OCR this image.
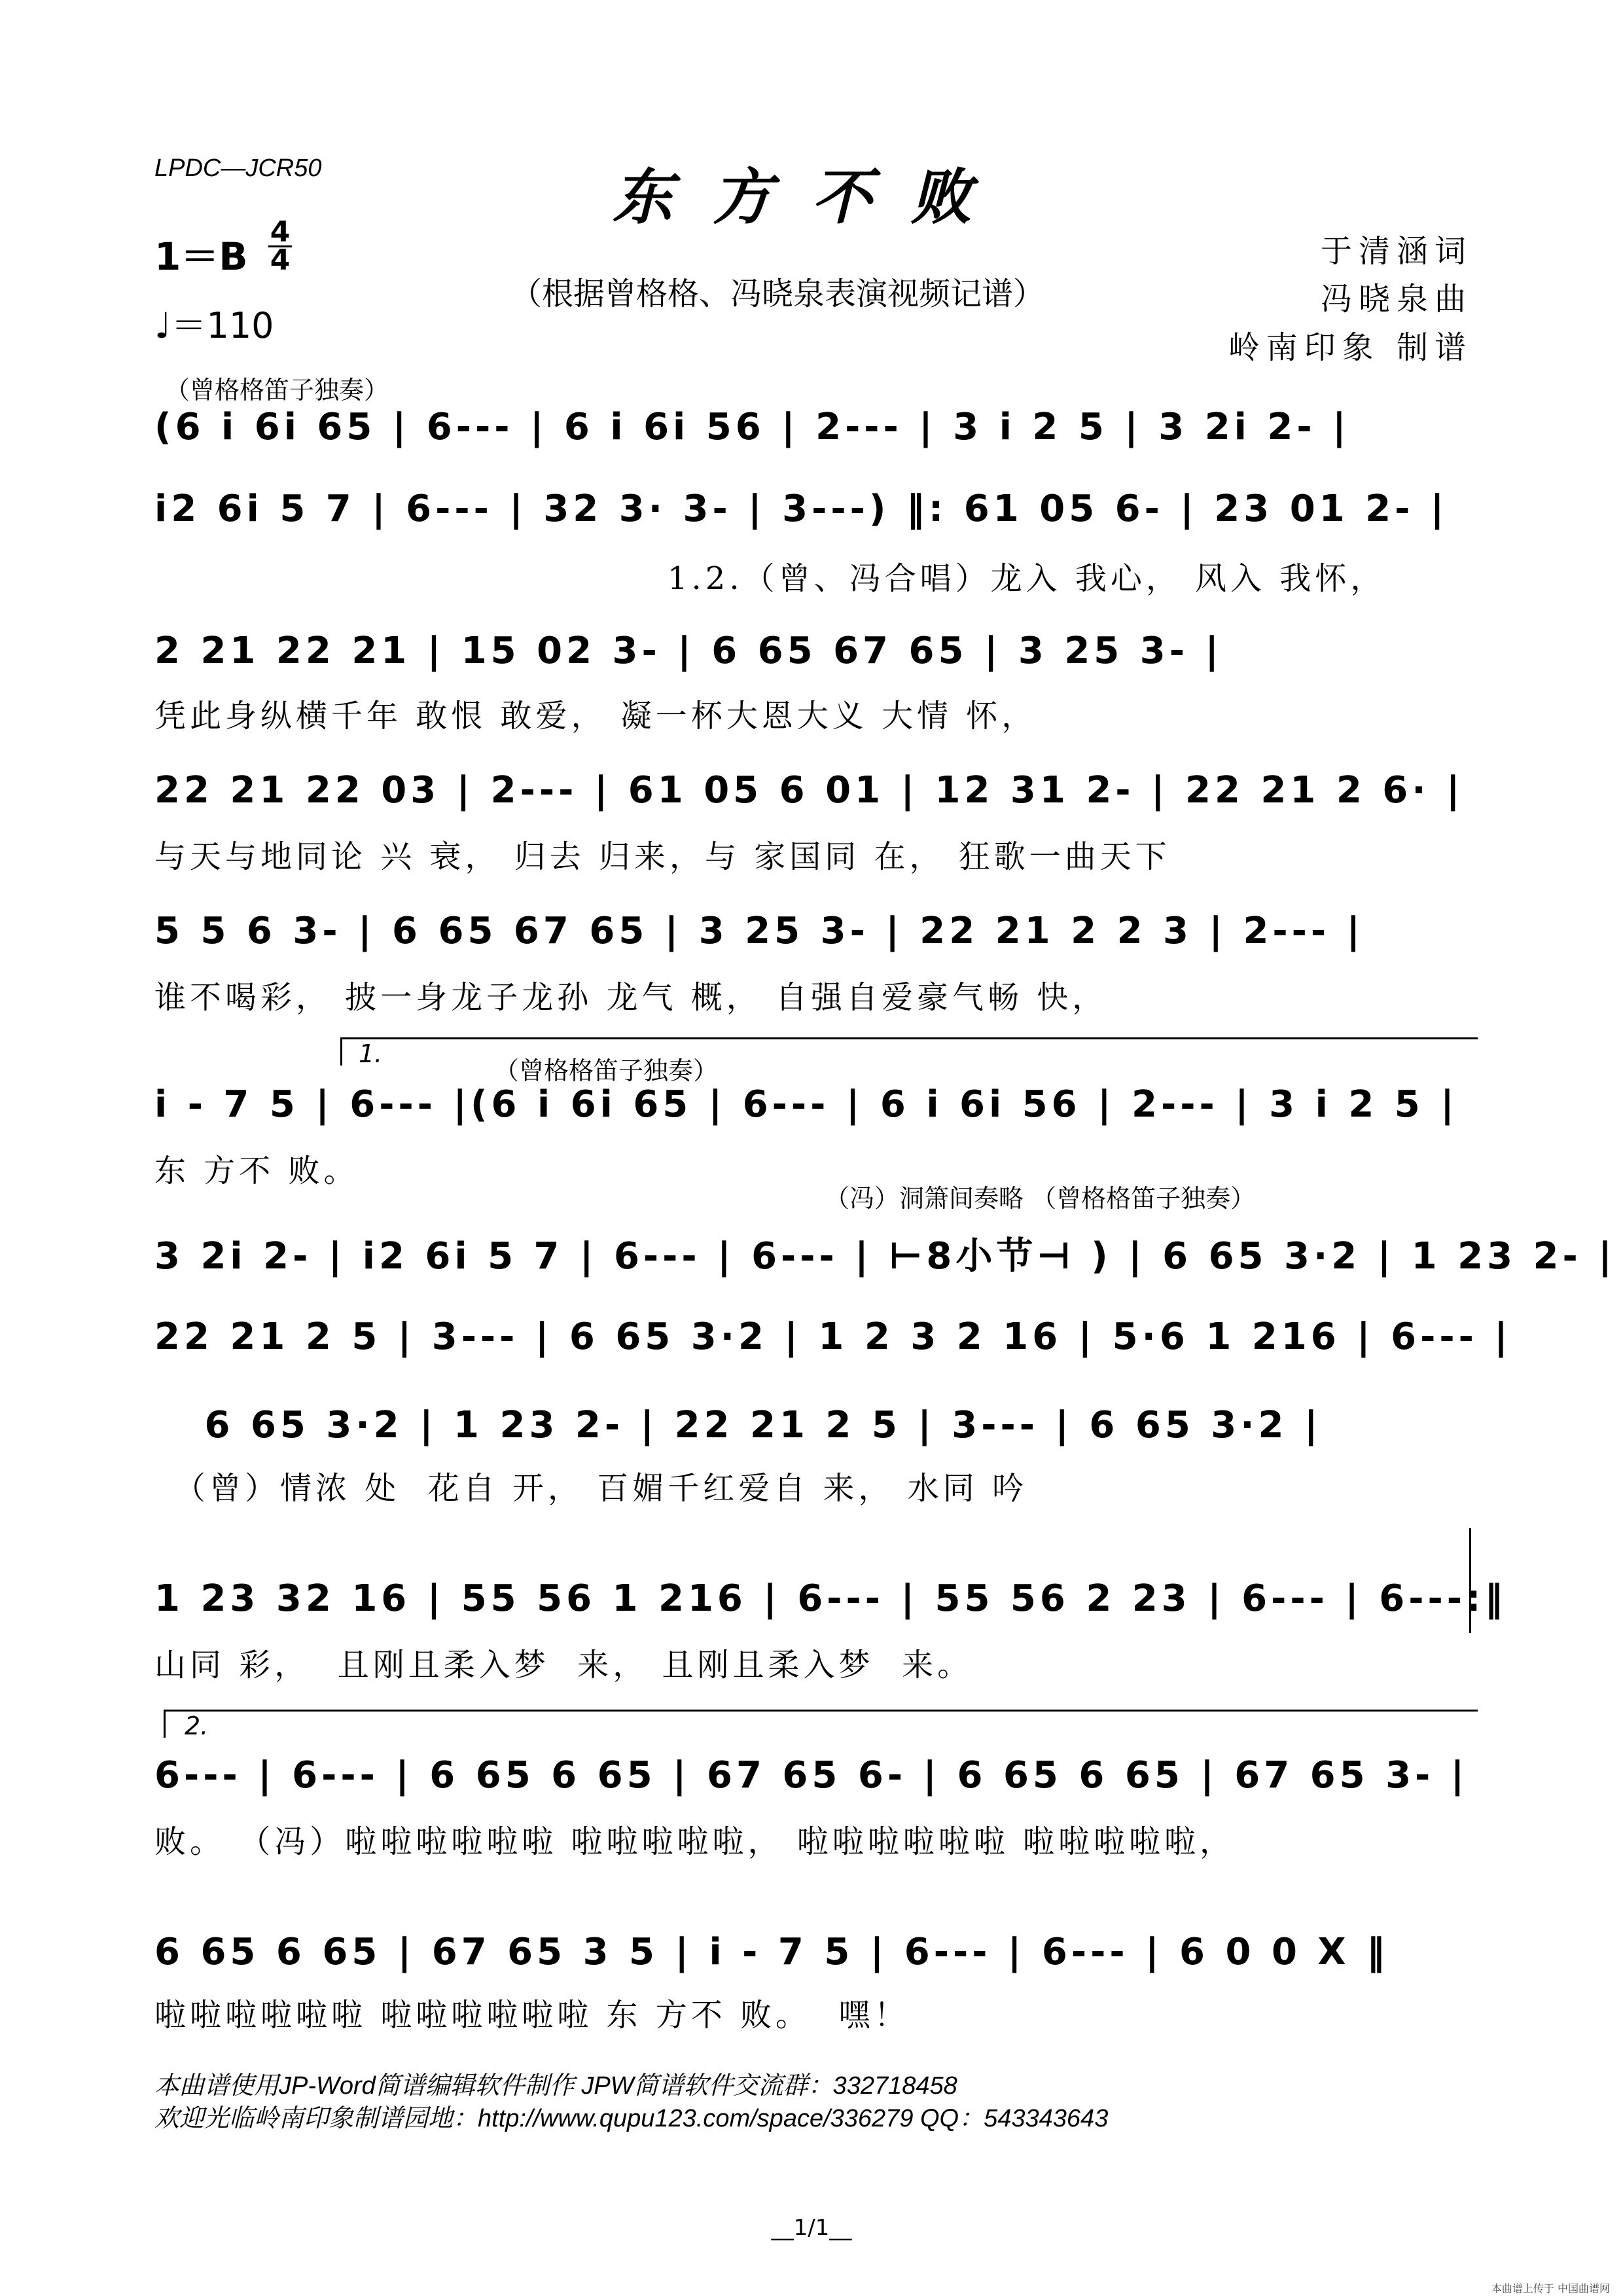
LPDC—JCR50	东方不败
（根据曾格格、冯晓泉表演视频记谱）
于清涵词
冯晓泉曲
岭南印象 制谱
1＝B
4
4
♩＝110
（曾格格笛子独奏）
(6 i 6i 65 | 6--- | 6 i 6i 56 | 2--- | 3 i 2 5 | 3 2i 2- |
i2 6i 5 7 | 6--- | 32 3· 3- | 3---) ‖: 61 05 6- | 23 01 2- |
1.2.（曾、冯合唱）龙入 我心， 风入 我怀，
2 21 22 21 | 15 02 3- | 6 65 67 65 | 3 25 3- |
凭此身纵横千年 敢恨 敢爱， 凝一杯大恩大义 大情 怀，
22 21 22 03 | 2--- | 61 05 6 01 | 12 31 2- | 22 21 2 6· |
与天与地同论 兴 衰， 归去 归来，与 家国同 在， 狂歌一曲天下
5 5 6 3- | 6 65 67 65 | 3 25 3- | 22 21 2 2 3 | 2--- |
谁不喝彩， 披一身龙子龙孙 龙气 概， 自强自爱豪气畅 快，
1.
（曾格格笛子独奏）
i - 7 5 | 6--- |(6 i 6i 65 | 6--- | 6 i 6i 56 | 2--- | 3 i 2 5 |
东 方不 败。
（冯）洞箫间奏略 （曾格格笛子独奏）
3 2i 2- | i2 6i 5 7 | 6--- | 6--- | ⊢8小节⊣ ) | 6 65 3·2 | 1 23 2- |
22 21 2 5 | 3--- | 6 65 3·2 | 1 2 3 2 16 | 5·6 1 216 | 6--- |
6 65 3·2 | 1 23 2- | 22 21 2 5 | 3--- | 6 65 3·2 |
（曾）情浓 处  花自 开， 百媚千红爱自 来， 水同 吟
1 23 32 16 | 55 56 1 216 | 6--- | 55 56 2 23 | 6--- | 6---:‖
山同 彩，  且刚且柔入梦  来， 且刚且柔入梦  来。
2.
6--- | 6--- | 6 65 6 65 | 67 65 6- | 6 65 6 65 | 67 65 3- |
败。 （冯）啦啦啦啦啦啦 啦啦啦啦啦， 啦啦啦啦啦啦 啦啦啦啦啦，
6 65 6 65 | 67 65 3 5 | i - 7 5 | 6--- | 6--- | 6 0 0 X ‖
啦啦啦啦啦啦 啦啦啦啦啦啦 东 方不 败。  嘿！
本曲谱使用JP-Word简谱编辑软件制作 JPW简谱软件交流群：332718458
欢迎光临岭南印象制谱园地：http://www.qupu123.com/space/336279 QQ：543343643
__1/1__
本曲谱上传于 中国曲谱网
